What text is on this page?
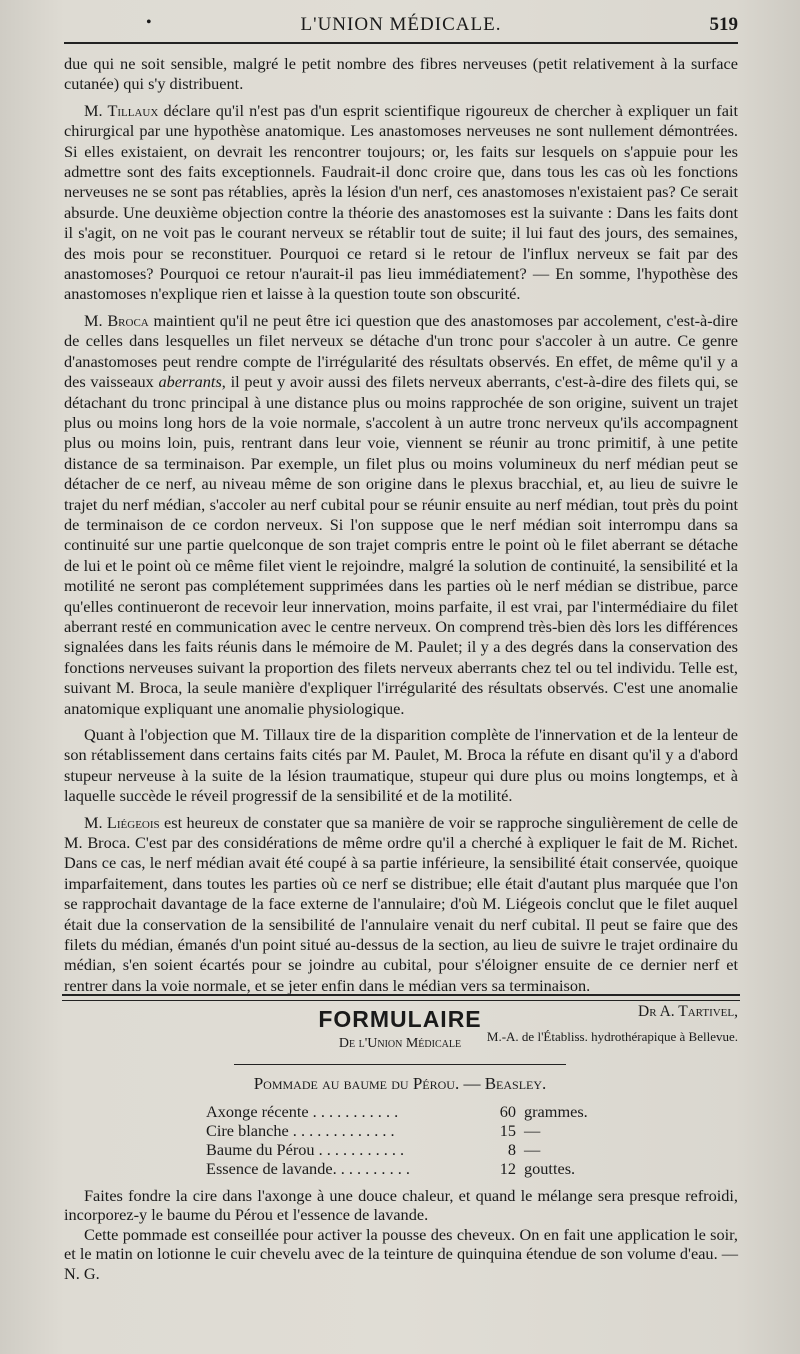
•	L'UNION MÉDICALE.	519

due qui ne soit sensible, malgré le petit nombre des fibres nerveuses (petit relativement à la surface cutanée) qui s'y distribuent.

M. Tillaux déclare qu'il n'est pas d'un esprit scientifique rigoureux de chercher à expliquer un fait chirurgical par une hypothèse anatomique. Les anastomoses nerveuses ne sont nullement démontrées. Si elles existaient, on devrait les rencontrer toujours; or, les faits sur lesquels on s'appuie pour les admettre sont des faits exceptionnels. Faudrait-il donc croire que, dans tous les cas où les fonctions nerveuses ne se sont pas rétablies, après la lésion d'un nerf, ces anastomoses n'existaient pas? Ce serait absurde. Une deuxième objection contre la théorie des anastomoses est la suivante : Dans les faits dont il s'agit, on ne voit pas le courant nerveux se rétablir tout de suite; il lui faut des jours, des semaines, des mois pour se reconstituer. Pourquoi ce retard si le retour de l'influx nerveux se fait par des anastomoses? Pourquoi ce retour n'aurait-il pas lieu immédiatement? — En somme, l'hypothèse des anastomoses n'explique rien et laisse à la question toute son obscurité.

M. Broca maintient qu'il ne peut être ici question que des anastomoses par accolement, c'est-à-dire de celles dans lesquelles un filet nerveux se détache d'un tronc pour s'accoler à un autre. Ce genre d'anastomoses peut rendre compte de l'irrégularité des résultats observés. En effet, de même qu'il y a des vaisseaux aberrants, il peut y avoir aussi des filets nerveux aberrants, c'est-à-dire des filets qui, se détachant du tronc principal à une distance plus ou moins rapprochée de son origine, suivent un trajet plus ou moins long hors de la voie normale, s'accolent à un autre tronc nerveux qu'ils accompagnent plus ou moins loin, puis, rentrant dans leur voie, viennent se réunir au tronc primitif, à une petite distance de sa terminaison. Par exemple, un filet plus ou moins volumineux du nerf médian peut se détacher de ce nerf, au niveau même de son origine dans le plexus bracchial, et, au lieu de suivre le trajet du nerf médian, s'accoler au nerf cubital pour se réunir ensuite au nerf médian, tout près du point de terminaison de ce cordon nerveux. Si l'on suppose que le nerf médian soit interrompu dans sa continuité sur une partie quelconque de son trajet compris entre le point où le filet aberrant se détache de lui et le point où ce même filet vient le rejoindre, malgré la solution de continuité, la sensibilité et la motilité ne seront pas complétement supprimées dans les parties où le nerf médian se distribue, parce qu'elles continueront de recevoir leur innervation, moins parfaite, il est vrai, par l'intermédiaire du filet aberrant resté en communication avec le centre nerveux. On comprend très-bien dès lors les différences signalées dans les faits réunis dans le mémoire de M. Paulet; il y a des degrés dans la conservation des fonctions nerveuses suivant la proportion des filets nerveux aberrants chez tel ou tel individu. Telle est, suivant M. Broca, la seule manière d'expliquer l'irrégularité des résultats observés. C'est une anomalie anatomique expliquant une anomalie physiologique.

Quant à l'objection que M. Tillaux tire de la disparition complète de l'innervation et de la lenteur de son rétablissement dans certains faits cités par M. Paulet, M. Broca la réfute en disant qu'il y a d'abord stupeur nerveuse à la suite de la lésion traumatique, stupeur qui dure plus ou moins longtemps, et à laquelle succède le réveil progressif de la sensibilité et de la motilité.

M. Liégeois est heureux de constater que sa manière de voir se rapproche singulièrement de celle de M. Broca. C'est par des considérations de même ordre qu'il a cherché à expliquer le fait de M. Richet. Dans ce cas, le nerf médian avait été coupé à sa partie inférieure, la sensibilité était conservée, quoique imparfaitement, dans toutes les parties où ce nerf se distribue; elle était d'autant plus marquée que l'on se rapprochait davantage de la face externe de l'annulaire; d'où M. Liégeois conclut que le filet auquel était due la conservation de la sensibilité de l'annulaire venait du nerf cubital. Il peut se faire que des filets du médian, émanés d'un point situé au-dessus de la section, au lieu de suivre le trajet ordinaire du médian, s'en soient écartés pour se joindre au cubital, pour s'éloigner ensuite de ce dernier nerf et rentrer dans la voie normale, et se jeter enfin dans le médian vers sa terminaison.

Dr A. Tartivel,
M.-A. de l'Établiss. hydrothérapique à Bellevue.
FORMULAIRE
De l'Union Médicale
Pommade au baume du Pérou. — Beasley.
Axonge récente . . . . . . . . . . .	60 grammes.
Cire blanche . . . . . . . . . . . . .	15 —
Baume du Pérou . . . . . . . . . . .	8 —
Essence de lavande. . . . . . . . . .	12 gouttes.

Faites fondre la cire dans l'axonge à une douce chaleur, et quand le mélange sera presque refroidi, incorporez-y le baume du Pérou et l'essence de lavande.

Cette pommade est conseillée pour activer la pousse des cheveux. On en fait une application le soir, et le matin on lotionne le cuir chevelu avec de la teinture de quinquina étendue de son volume d'eau. — N. G.
